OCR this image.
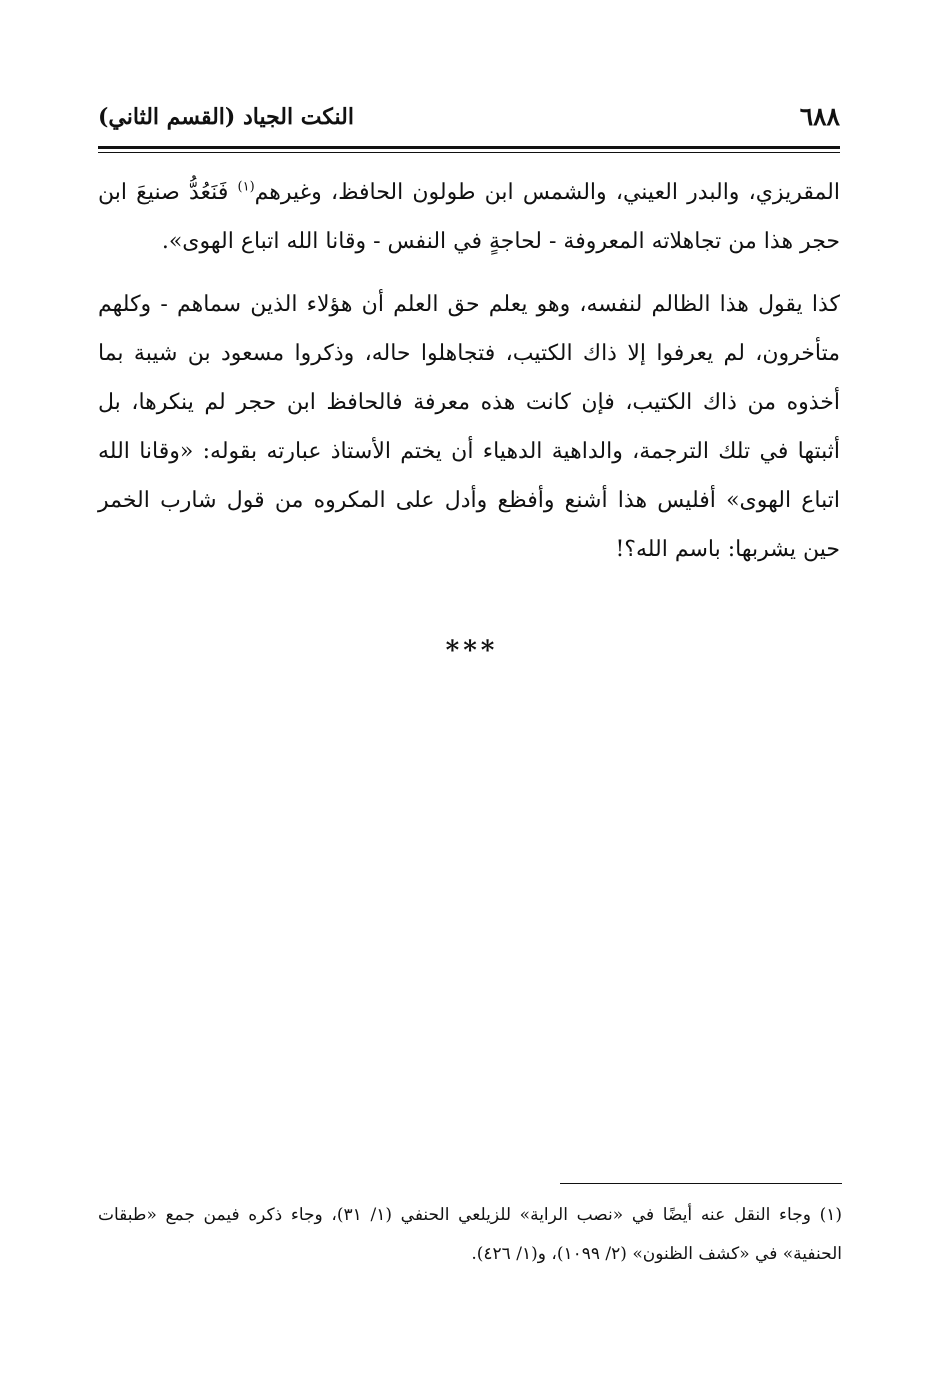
٦٨٨
النكت الجياد (القسم الثاني)

المقريزي، والبدر العيني، والشمس ابن طولون الحافظ، وغيرهم$^{(١)}$ فَنَعُدُّ صنيعَ ابن حجر هذا من تجاهلاته المعروفة - لحاجةٍ في النفس - وقانا الله اتباع الهوى».

كذا يقول هذا الظالم لنفسه، وهو يعلم حق العلم أن هؤلاء الذين سماهم - وكلهم متأخرون، لم يعرفوا إلا ذاك الكتيب، فتجاهلوا حاله، وذكروا مسعود بن شيبة بما أخذوه من ذاك الكتيب، فإن كانت هذه معرفة فالحافظ ابن حجر لم ينكرها، بل أثبتها في تلك الترجمة، والداهية الدهياء أن يختم الأستاذ عبارته بقوله: «وقانا الله اتباع الهوى» أفليس هذا أشنع وأفظع وأدل على المكروه من قول شارب الخمر حين يشربها: باسم الله؟!

***

(١) وجاء النقل عنه أيضًا في «نصب الراية» للزيلعي الحنفي (١/ ٣١)، وجاء ذكره فيمن جمع «طبقات الحنفية» في «كشف الظنون» (٢/ ١٠٩٩)، و(١/ ٤٢٦).
